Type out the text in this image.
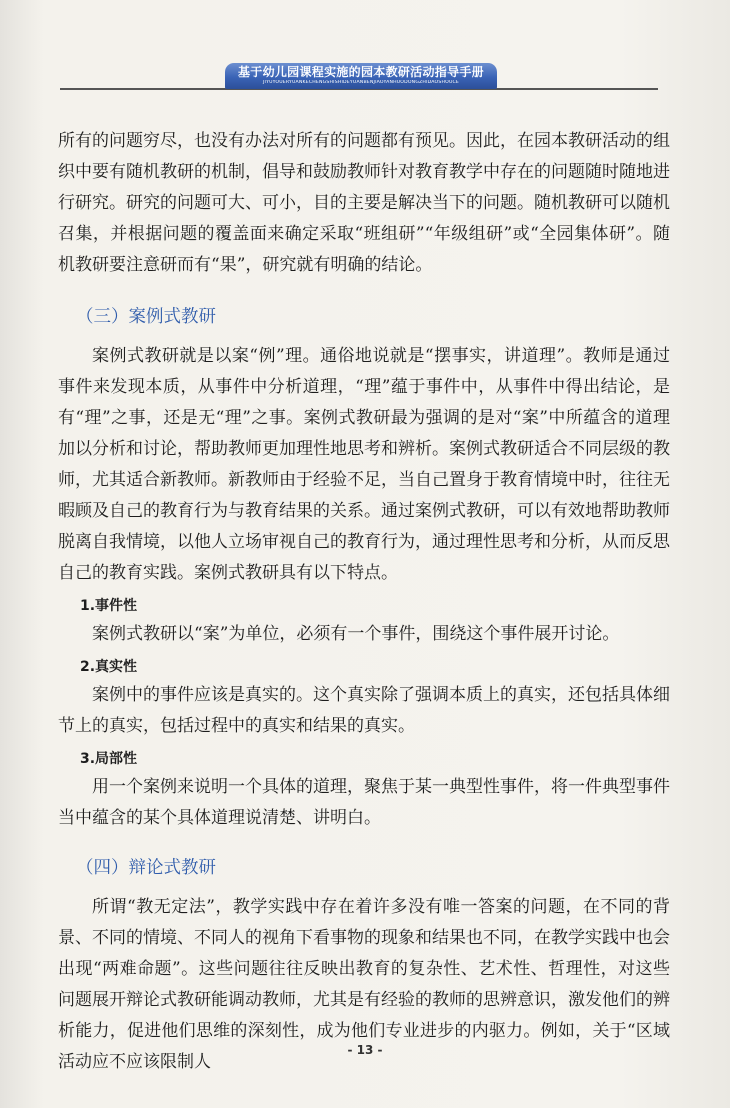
基于幼儿园课程实施的园本教研活动指导手册
JIYUYOUERYUANKECHENGSHISHIDEYUANBENJIAOYANHUODONGZHIDAOSHOUCE

所有的问题穷尽，也没有办法对所有的问题都有预见。因此，在园本教研活动的组织中要有随机教研的机制，倡导和鼓励教师针对教育教学中存在的问题随时随地进行研究。研究的问题可大、可小，目的主要是解决当下的问题。随机教研可以随机召集，并根据问题的覆盖面来确定采取“班组研”“年级组研”或“全园集体研”。随机教研要注意研而有“果”，研究就有明确的结论。

（三）案例式教研

案例式教研就是以案“例”理。通俗地说就是“摆事实，讲道理”。教师是通过事件来发现本质，从事件中分析道理，“理”蕴于事件中，从事件中得出结论，是有“理”之事，还是无“理”之事。案例式教研最为强调的是对“案”中所蕴含的道理加以分析和讨论，帮助教师更加理性地思考和辨析。案例式教研适合不同层级的教师，尤其适合新教师。新教师由于经验不足，当自己置身于教育情境中时，往往无暇顾及自己的教育行为与教育结果的关系。通过案例式教研，可以有效地帮助教师脱离自我情境，以他人立场审视自己的教育行为，通过理性思考和分析，从而反思自己的教育实践。案例式教研具有以下特点。

1.事件性

案例式教研以“案”为单位，必须有一个事件，围绕这个事件展开讨论。

2.真实性

案例中的事件应该是真实的。这个真实除了强调本质上的真实，还包括具体细节上的真实，包括过程中的真实和结果的真实。

3.局部性

用一个案例来说明一个具体的道理，聚焦于某一典型性事件，将一件典型事件当中蕴含的某个具体道理说清楚、讲明白。

（四）辩论式教研

所谓“教无定法”，教学实践中存在着许多没有唯一答案的问题，在不同的背景、不同的情境、不同人的视角下看事物的现象和结果也不同，在教学实践中也会出现“两难命题”。这些问题往往反映出教育的复杂性、艺术性、哲理性，对这些问题展开辩论式教研能调动教师，尤其是有经验的教师的思辨意识，激发他们的辨析能力，促进他们思维的深刻性，成为他们专业进步的内驱力。例如，关于“区域活动应不应该限制人

- 13 -
